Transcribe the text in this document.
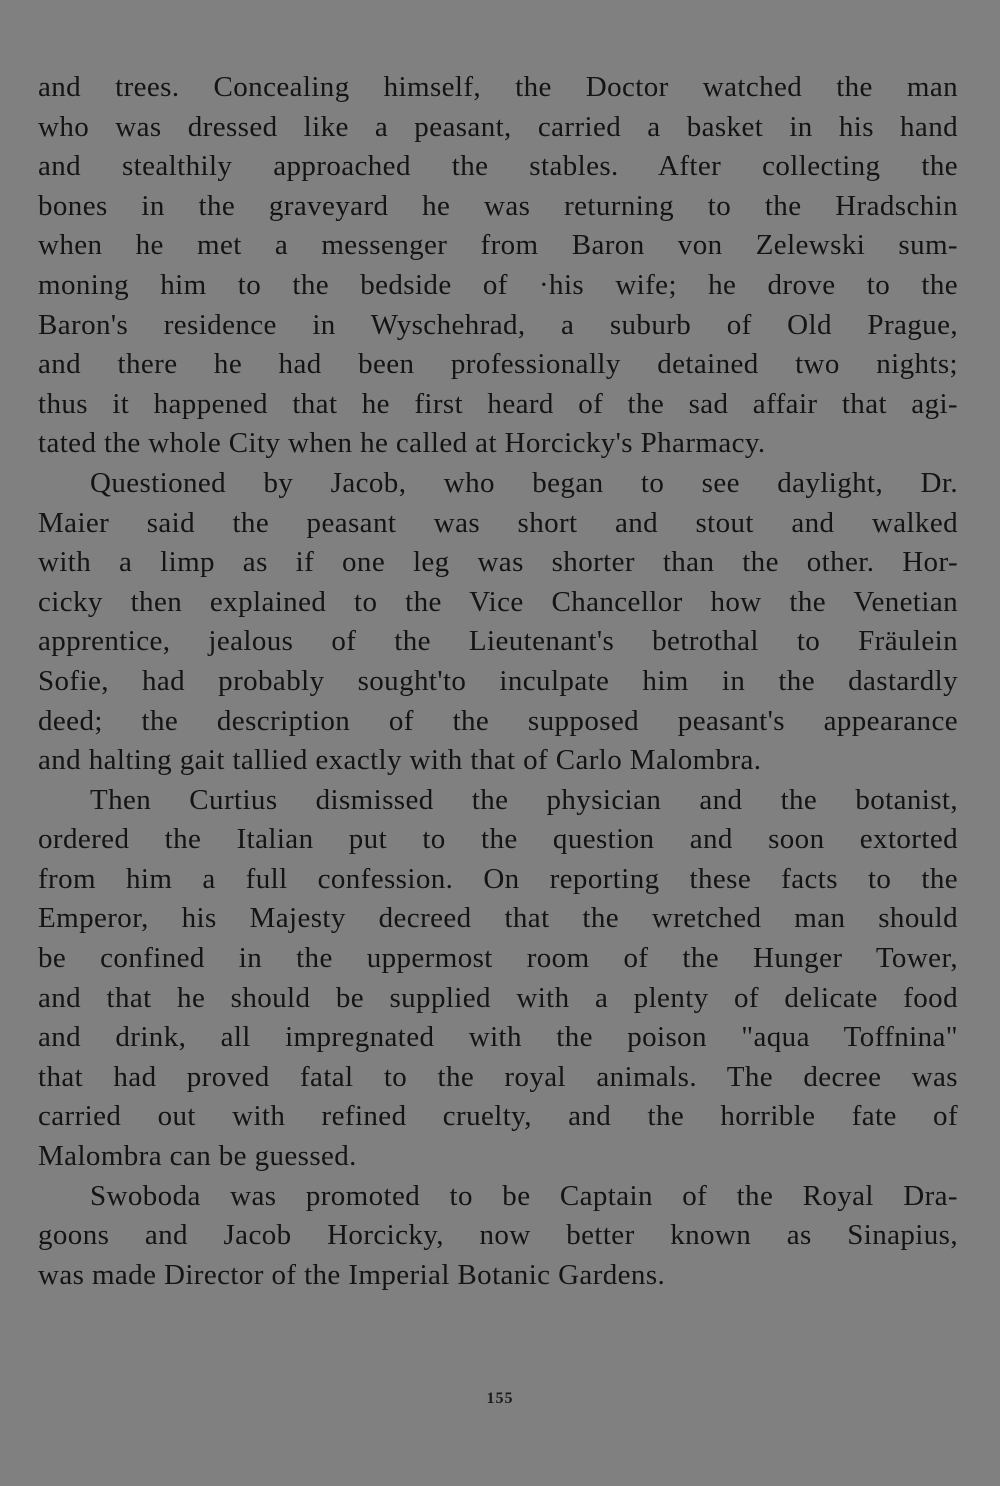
and trees. Concealing himself, the Doctor watched the man
who was dressed like a peasant, carried a basket in his hand
and stealthily approached the stables. After collecting the
bones in the graveyard he was returning to the Hradschin
when he met a messenger from Baron von Zelewski sum-
moning him to the bedside of ·his wife; he drove to the
Baron's residence in Wyschehrad, a suburb of Old Prague,
and there he had been professionally detained two nights;
thus it happened that he first heard of the sad affair that agi-
tated the whole City when he called at Horcicky's Pharmacy.
Questioned by Jacob, who began to see daylight, Dr.
Maier said the peasant was short and stout and walked
with a limp as if one leg was shorter than the other. Hor-
cicky then explained to the Vice Chancellor how the Venetian
apprentice, jealous of the Lieutenant's betrothal to Fräulein
Sofie, had probably sought'to inculpate him in the dastardly
deed; the description of the supposed peasant's appearance
and halting gait tallied exactly with that of Carlo Malombra.
Then Curtius dismissed the physician and the botanist,
ordered the Italian put to the question and soon extorted
from him a full confession. On reporting these facts to the
Emperor, his Majesty decreed that the wretched man should
be confined in the uppermost room of the Hunger Tower,
and that he should be supplied with a plenty of delicate food
and drink, all impregnated with the poison "aqua Toffnina"
that had proved fatal to the royal animals. The decree was
carried out with refined cruelty, and the horrible fate of
Malombra can be guessed.
Swoboda was promoted to be Captain of the Royal Dra-
goons and Jacob Horcicky, now better known as Sinapius,
was made Director of the Imperial Botanic Gardens.
155
